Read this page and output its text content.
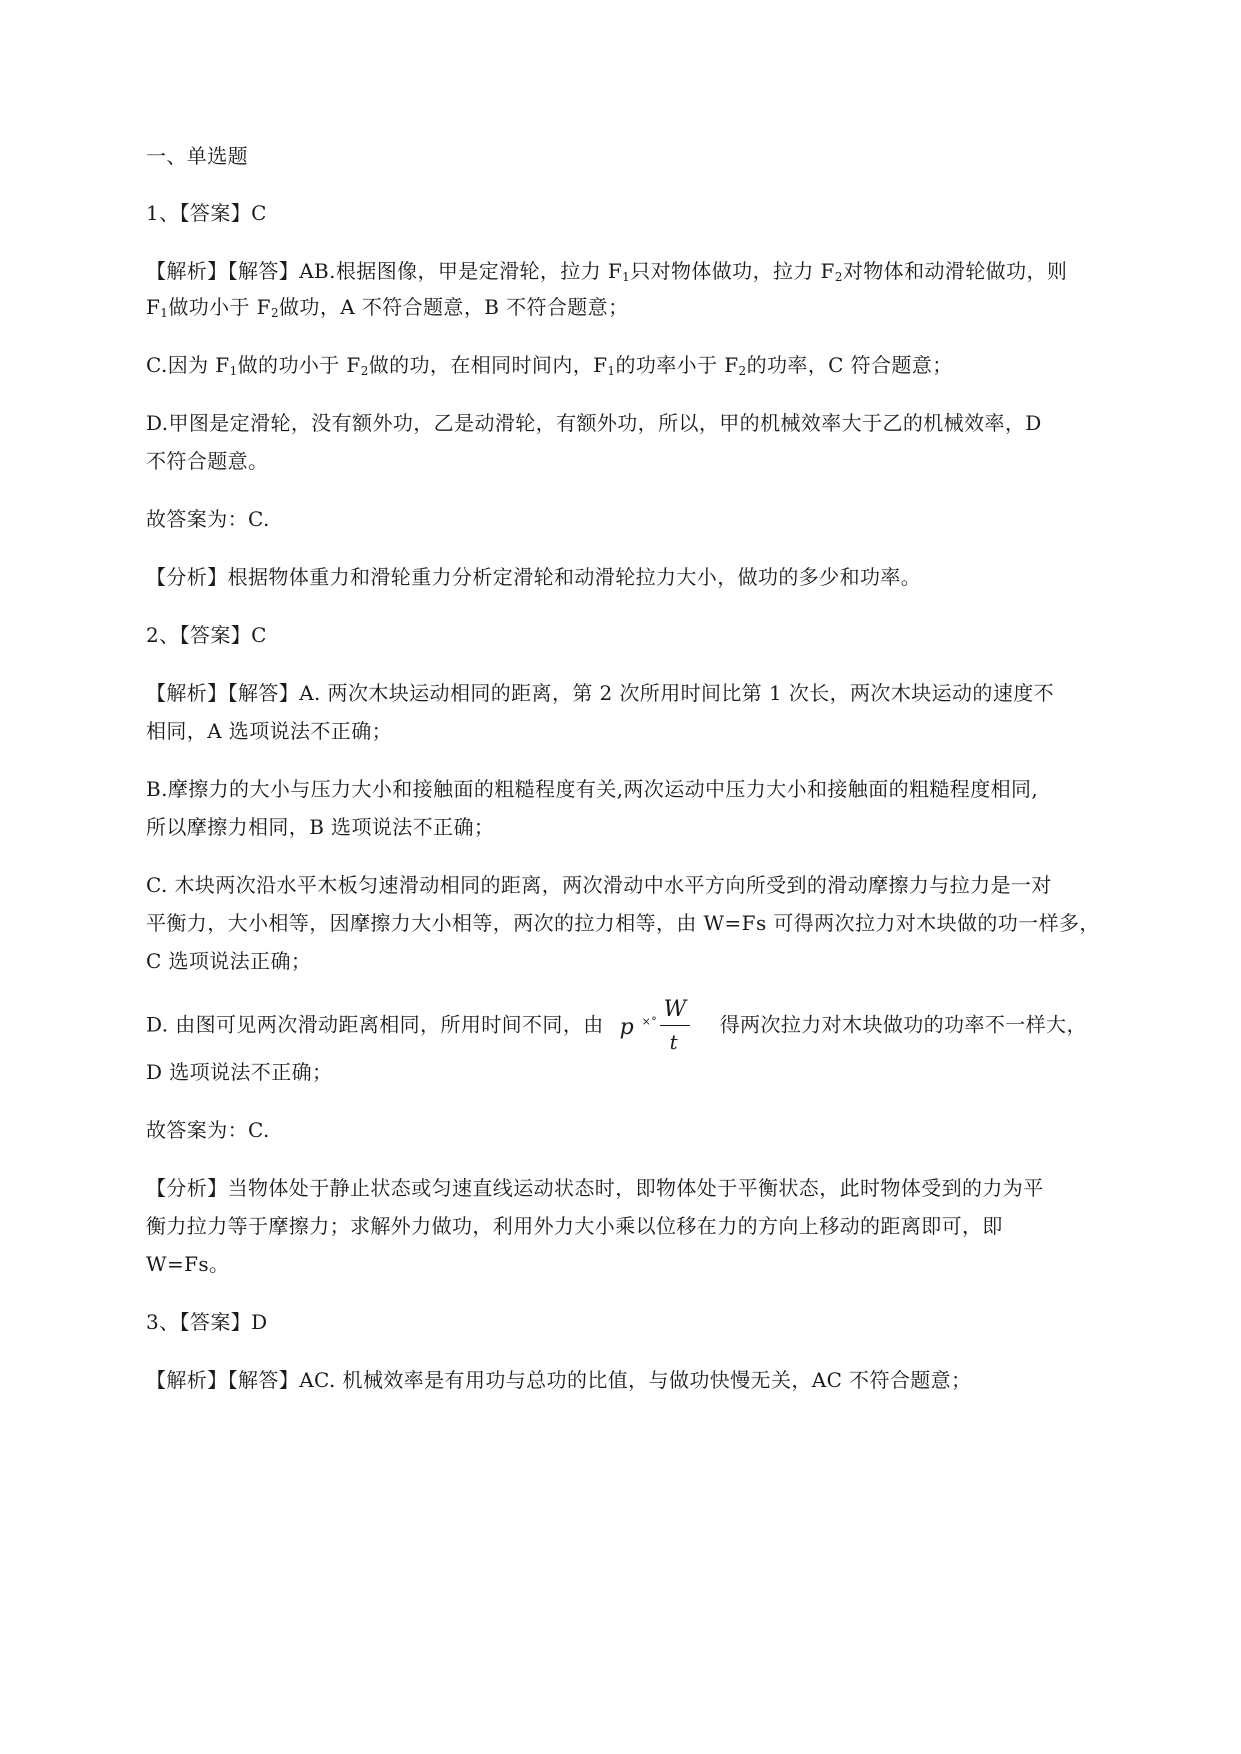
一、单选题
1、【答案】C
【解析】【解答】AB.根据图像，甲是定滑轮，拉力 $F_1$只对物体做功，拉力 $F_2$对物体和动滑轮做功，则
$F_1$做功小于 $F_2$做功，A 不符合题意，B 不符合题意；
C.因为 $F_1$做的功小于 $F_2$做的功，在相同时间内，$F_1$的功率小于 $F_2$的功率，C 符合题意；
D.甲图是定滑轮，没有额外功，乙是动滑轮，有额外功，所以，甲的机械效率大于乙的机械效率，D
不符合题意。
故答案为：C.
【分析】根据物体重力和滑轮重力分析定滑轮和动滑轮拉力大小，做功的多少和功率。
2、【答案】C
【解析】【解答】A. 两次木块运动相同的距离，第 2 次所用时间比第 1 次长，两次木块运动的速度不
相同，A 选项说法不正确；
B.摩擦力的大小与压力大小和接触面的粗糙程度有关,两次运动中压力大小和接触面的粗糙程度相同,
所以摩擦力相同，B 选项说法不正确；
C. 木块两次沿水平木板匀速滑动相同的距离，两次滑动中水平方向所受到的滑动摩擦力与拉力是一对
平衡力，大小相等，因摩擦力大小相等，两次的拉力相等，由 W=Fs 可得两次拉力对木块做的功一样多，
C 选项说法正确；
D. 由图可见两次滑动距离相同，所用时间不同，由 p ×° W
t
得两次拉力对木块做功的功率不一样大，
D 选项说法不正确；
故答案为：C.
【分析】当物体处于静止状态或匀速直线运动状态时，即物体处于平衡状态，此时物体受到的力为平
衡力拉力等于摩擦力；求解外力做功，利用外力大小乘以位移在力的方向上移动的距离即可，即
W=Fs。
3、【答案】D
【解析】【解答】AC. 机械效率是有用功与总功的比值，与做功快慢无关，AC 不符合题意；
